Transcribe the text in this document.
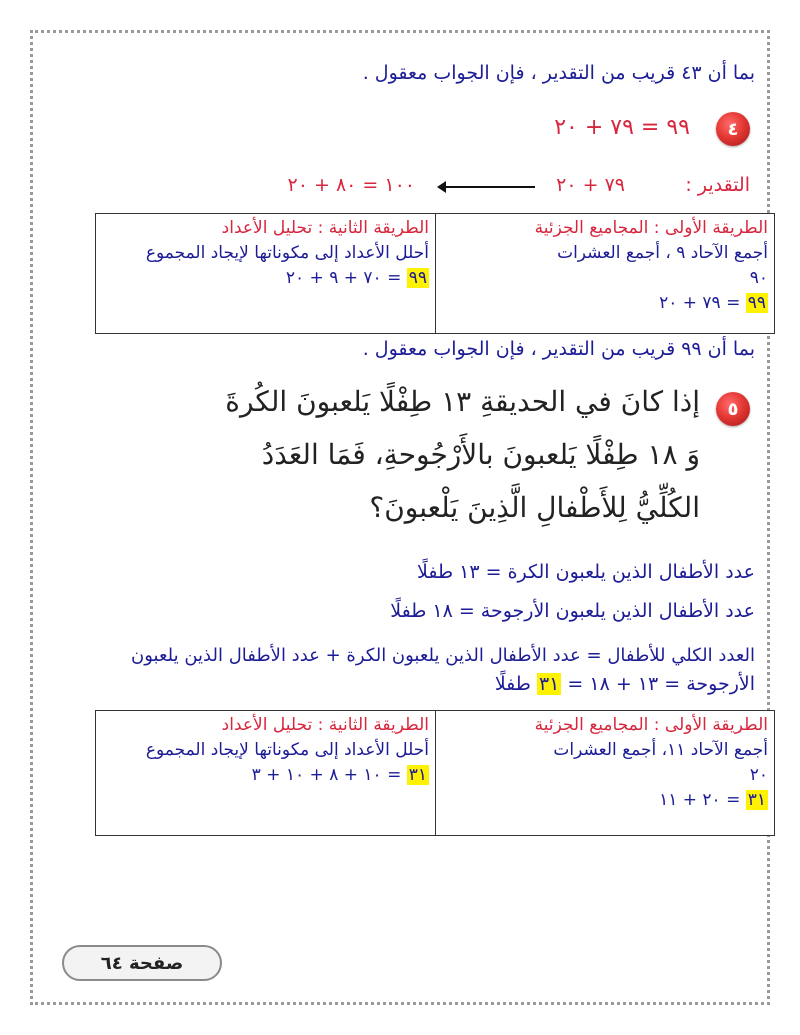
بما أن ٤٣ قريب من التقدير ، فإن الجواب معقول .
٤
٩٩ = ٧٩ + ٢٠
التقدير :
٧٩ + ٢٠
١٠٠ = ٨٠ + ٢٠
الطريقة الأولى : المجاميع الجزئية
أجمع الآحاد ٩ ، أجمع العشرات
٩٠
٩٩ = ٧٩ + ٢٠
الطريقة الثانية : تحليل الأعداد
أحلل الأعداد إلى مكوناتها لإيجاد المجموع
٩٩ = ٧٠ + ٩ + ٢٠
بما أن ٩٩ قريب من التقدير ، فإن الجواب معقول .
٥
إذا كانَ في الحديقةِ ١٣ طِفْلًا يَلعبونَ الكُرةَ
وَ ١٨ طِفْلًا يَلعبونَ بالأَرْجُوحةِ، فَمَا العَدَدُ
الكُلِّيُّ لِلأَطْفالِ الَّذِينَ يَلْعبونَ؟
عدد الأطفال الذين يلعبون الكرة = ١٣ طفلًا
عدد الأطفال الذين يلعبون الأرجوحة = ١٨ طفلًا
العدد الكلي للأطفال = عدد الأطفال الذين يلعبون الكرة + عدد الأطفال الذين يلعبون
الأرجوحة = ١٣ + ١٨ = ٣١ طفلًا
الطريقة الأولى : المجاميع الجزئية
أجمع الآحاد ١١، أجمع العشرات
٢٠
٣١ = ٢٠ + ١١
الطريقة الثانية : تحليل الأعداد
أحلل الأعداد إلى مكوناتها لإيجاد المجموع
٣١ = ١٠ + ٨ + ١٠ + ٣
صفحة ٦٤
